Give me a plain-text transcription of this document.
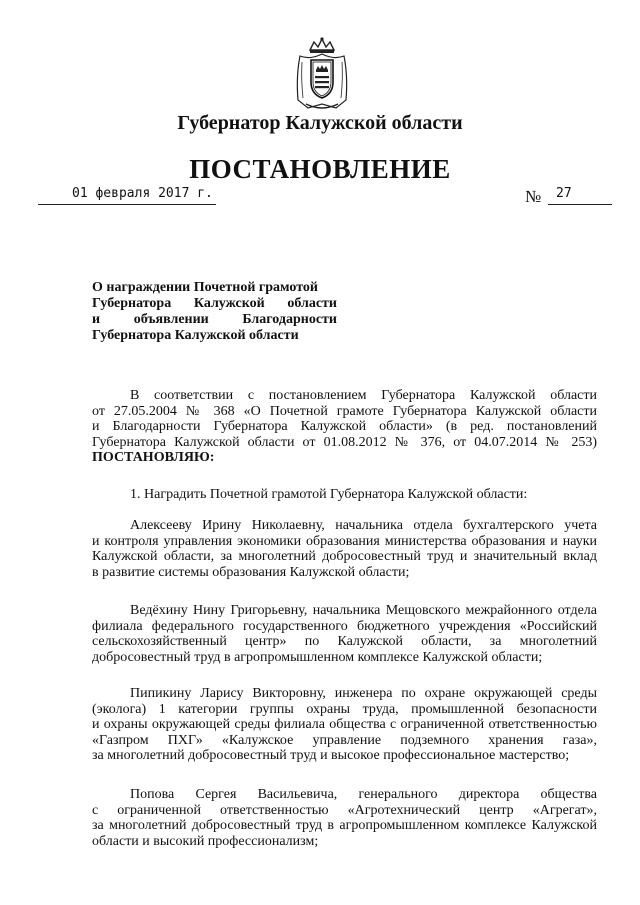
Губернатор Калужской области
ПОСТАНОВЛЕНИЕ
01 февраля 2017 г.	№ 27
О награждении Почетной грамотой
Губернатора Калужской области
и объявлении Благодарности
Губернатора Калужской области
В соответствии с постановлением Губернатора Калужской области
от 27.05.2004 № 368 «О Почетной грамоте Губернатора Калужской области
и Благодарности Губернатора Калужской области» (в ред. постановлений
Губернатора Калужской области от 01.08.2012 № 376, от 04.07.2014 № 253)
ПОСТАНОВЛЯЮ:
1. Наградить Почетной грамотой Губернатора Калужской области:
Алексееву Ирину Николаевну, начальника отдела бухгалтерского учета
и контроля управления экономики образования министерства образования и науки
Калужской области, за многолетний добросовестный труд и значительный вклад
в развитие системы образования Калужской области;
Ведёхину Нину Григорьевну, начальника Мещовского межрайонного отдела
филиала федерального государственного бюджетного учреждения «Российский
сельскохозяйственный центр» по Калужской области, за многолетний
добросовестный труд в агропромышленном комплексе Калужской области;
Пипикину Ларису Викторовну, инженера по охране окружающей среды
(эколога) 1 категории группы охраны труда, промышленной безопасности
и охраны окружающей среды филиала общества с ограниченной ответственностью
«Газпром ПХГ» «Калужское управление подземного хранения газа»,
за многолетний добросовестный труд и высокое профессиональное мастерство;
Попова Сергея Васильевича, генерального директора общества
с ограниченной ответственностью «Агротехнический центр «Агрегат»,
за многолетний добросовестный труд в агропромышленном комплексе Калужской
области и высокий профессионализм;
